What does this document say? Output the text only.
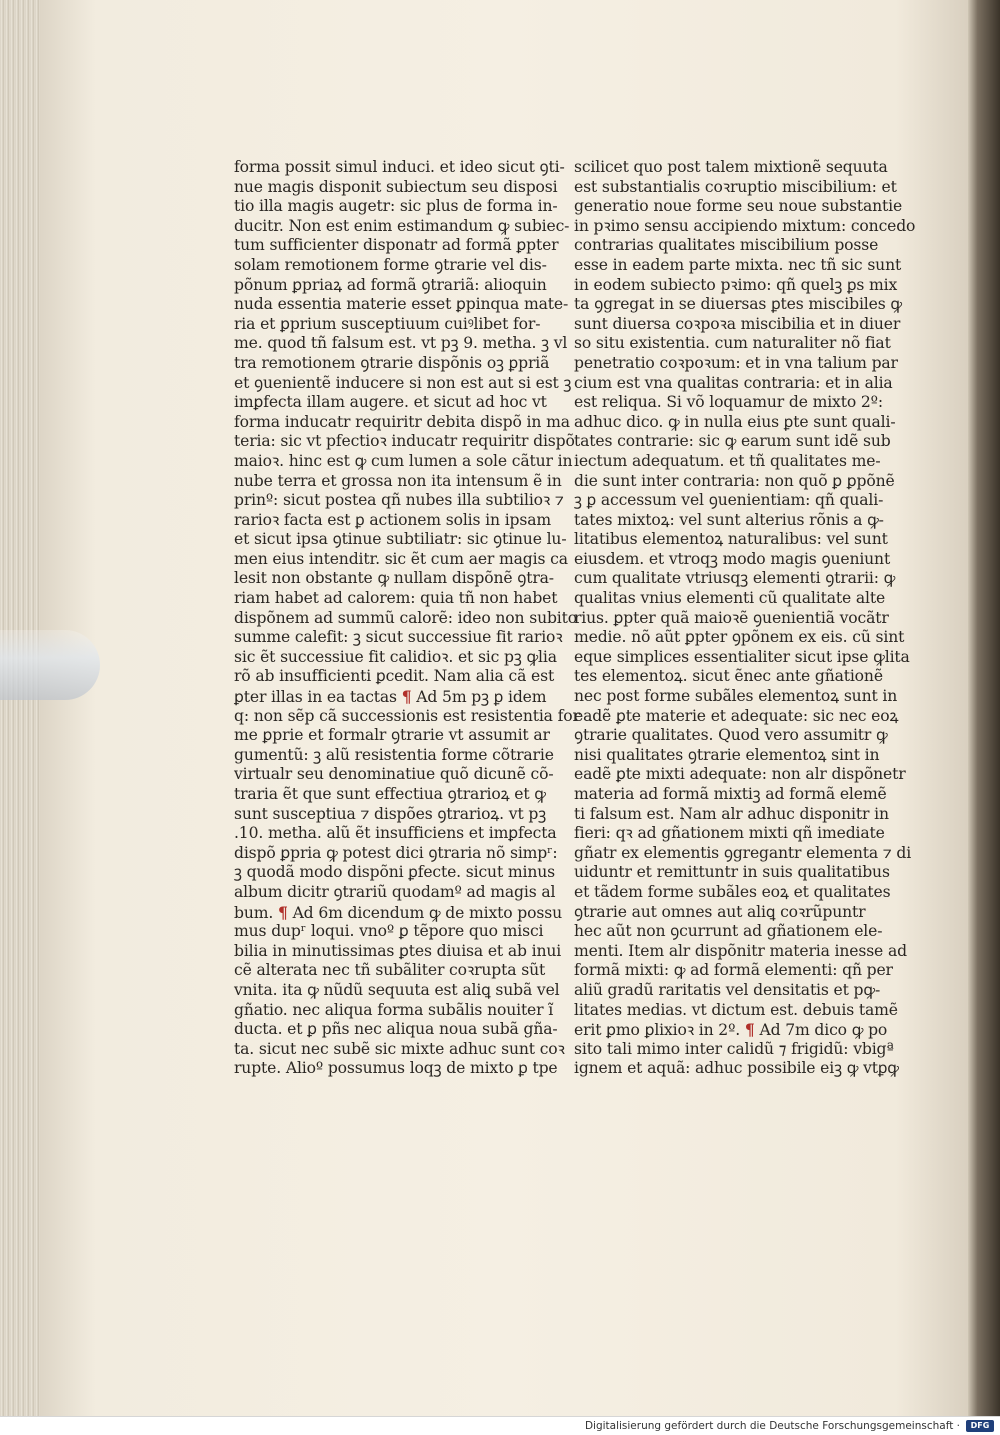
forma possit simul induci. et ideo sicut ꝯti-
nue magis disponit subiectum seu disposi
tio illa magis augetr: sic plus de forma in-
ducitr. Non est enim estimandum ꝙ subiec-
tum sufficienter disponatr ad formã ꝑpter
solam remotionem forme ꝯtrarie vel dis-
põnum ꝑpriaꝝ ad formã ꝯtrariã: alioquin
nuda essentia materie esset ꝑpinqua mate-
ria et ꝑprium susceptiuum cuiꝰlibet for-
me. quod tñ falsum est. vt pꝫ 9. metha. ꝫ vl
tra remotionem ꝯtrarie dispõnis oꝫ ꝑpriã
et ꝯuenientẽ inducere si non est aut si est ꝫ
imꝑfecta illam augere. et sicut ad hoc vt
forma inducatr requiritr debita dispõ in ma
teria: sic vt pfectioꝛ inducatr requiritr dispõ
maioꝛ. hinc est ꝙ cum lumen a sole cãtur in
nube terra et grossa non ita intensum ẽ in
prinº: sicut postea qñ nubes illa subtilioꝛ ⁊
rarioꝛ facta est ꝑ actionem solis in ipsam
et sicut ipsa ꝯtinue subtiliatr: sic ꝯtinue lu-
men eius intenditr. sic ẽt cum aer magis ca
lesit non obstante ꝙ nullam dispõnẽ ꝯtra-
riam habet ad calorem: quia tñ non habet
dispõnem ad summũ calorẽ: ideo non subito
summe calefit: ꝫ sicut successiue fit rarioꝛ
sic ẽt successiue fit calidioꝛ. et sic pꝫ ꝙlia
rõ ab insufficienti ꝑcedit. Nam alia cã est
ꝑter illas in ea tactas ¶ Ad 5m pꝫ ꝑ idem
q: non sẽp cã successionis est resistentia for
me ꝑprie et formalr ꝯtrarie vt assumit ar
gumentũ: ꝫ alũ resistentia forme cõtrarie
virtualr seu denominatiue quõ dicunẽ cõ-
traria ẽt que sunt effectiua ꝯtrarioꝝ et ꝙ
sunt susceptiua ⁊ dispões ꝯtrarioꝝ. vt pꝫ
.10. metha. alũ ẽt insufficiens et imꝑfecta
dispõ ꝑpria ꝙ potest dici ꝯtraria nõ simpʳ:
ꝫ quodã modo dispõni ꝑfecte. sicut minus
album dicitr ꝯtrariũ quodamº ad magis al
bum. ¶ Ad 6m dicendum ꝙ de mixto possu
mus dupʳ loqui. vnoº ꝑ tẽpore quo misci
bilia in minutissimas ꝑtes diuisa et ab inui
cẽ alterata nec tñ subãliter coꝛrupta sũt
vnita. ita ꝙ nũdũ sequuta est aliꝗ subã vel
gñatio. nec aliqua forma subãlis nouiter ĩ
ducta. et ꝑ pñs nec aliqua noua subã gña-
ta. sicut nec subẽ sic mixte adhuc sunt coꝛ
rupte. Alioº possumus loqꝫ de mixto ꝑ tpe
scilicet quo post talem mixtionẽ sequuta
est substantialis coꝛruptio miscibilium: et
generatio noue forme seu noue substantie
in pꝛimo sensu accipiendo mixtum: concedo
contrarias qualitates miscibilium posse
esse in eadem parte mixta. nec tñ sic sunt
in eodem subiecto pꝛimo: qñ quelꝫ ꝑs mix
ta ꝯgregat in se diuersas ꝑtes miscibiles ꝙ
sunt diuersa coꝛpoꝛa miscibilia et in diuer
so situ existentia. cum naturaliter nõ fiat
penetratio coꝛpoꝛum: et in vna talium par
cium est vna qualitas contraria: et in alia
est reliqua. Si võ loquamur de mixto 2º:
adhuc dico. ꝙ in nulla eius ꝑte sunt quali-
tates contrarie: sic ꝙ earum sunt idẽ sub
iectum adequatum. et tñ qualitates me-
die sunt inter contraria: non quõ ꝑ ꝑpõnẽ
ꝫ ꝑ accessum vel ꝯuenientiam: qñ quali-
tates mixtoꝝ: vel sunt alterius rõnis a ꝙ-
litatibus elementoꝝ naturalibus: vel sunt
eiusdem. et vtroqꝫ modo magis ꝯueniunt
cum qualitate vtriusqꝫ elementi ꝯtrarii: ꝙ
qualitas vnius elementi cũ qualitate alte
rius. ꝑpter quã maioꝛẽ ꝯuenientiã vocãtr
medie. nõ aũt ꝑpter ꝯpõnem ex eis. cũ sint
eque simplices essentialiter sicut ipse ꝙlita
tes elementoꝝ. sicut ẽnec ante gñationẽ
nec post forme subãles elementoꝝ sunt in
eadẽ ꝑte materie et adequate: sic nec eoꝝ
ꝯtrarie qualitates. Quod vero assumitr ꝙ
nisi qualitates ꝯtrarie elementoꝝ sint in
eadẽ ꝑte mixti adequate: non alr dispõnetr
materia ad formã mixtiꝫ ad formã elemẽ
ti falsum est. Nam alr adhuc disponitr in
fieri: qꝛ ad gñationem mixti qñ imediate
gñatr ex elementis ꝯgregantr elementa ⁊ di
uiduntr et remittuntr in suis qualitatibus
et tãdem forme subãles eoꝝ et qualitates
ꝯtrarie aut omnes aut aliꝗ coꝛrũpuntr
hec aũt non ꝯcurrunt ad gñationem ele-
menti. Item alr dispõnitr materia inesse ad
formã mixti: ꝙ ad formã elementi: qñ per
aliũ gradũ raritatis vel densitatis et pꝙ-
litates medias. vt dictum est. debuis tamẽ
erit ꝑmo ꝑlixioꝛ in 2º. ¶ Ad 7m dico ꝙ po
sito tali mimo inter calidũ ⁊ frigidũ: vbigª
ignem et aquã: adhuc possibile eiꝫ ꝙ vtꝑꝙ
Digitalisierung gefördert durch die Deutsche Forschungsgemeinschaft ·	DFG
